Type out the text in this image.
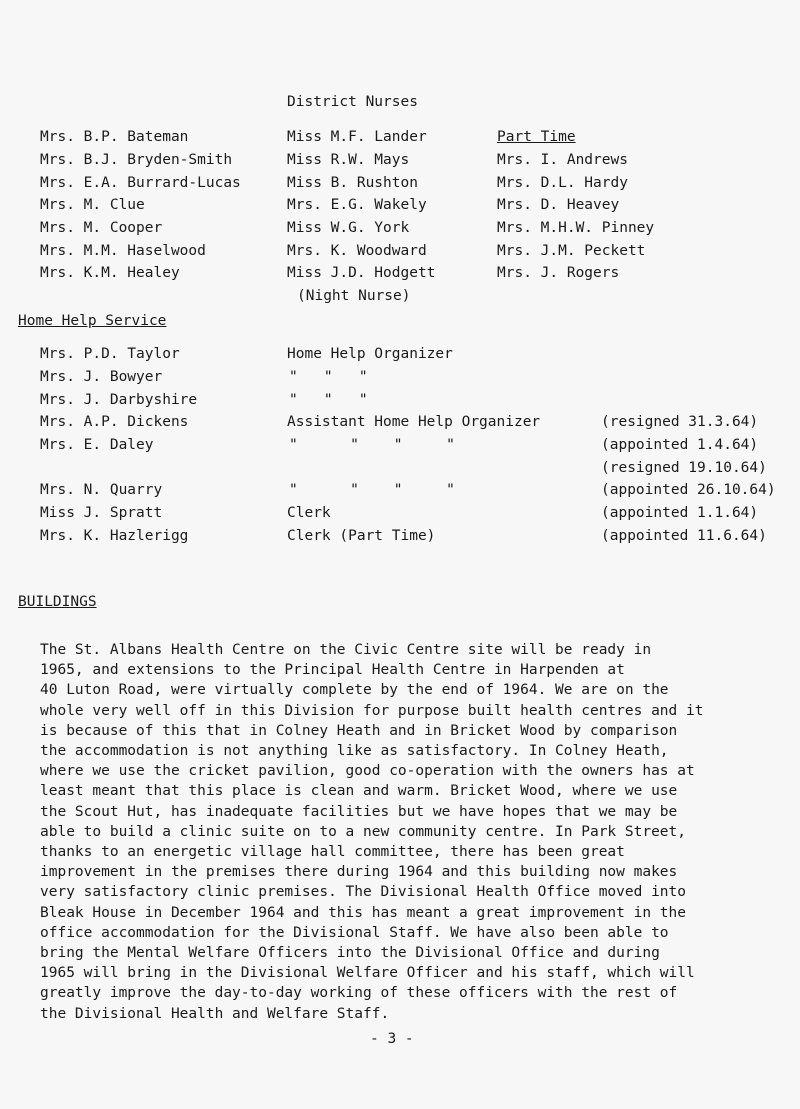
District Nurses
Mrs. B.P. Bateman
Mrs. B.J. Bryden-Smith
Mrs. E.A. Burrard-Lucas
Mrs. M. Clue
Mrs. M. Cooper
Mrs. M.M. Haselwood
Mrs. K.M. Healey
Miss M.F. Lander
Miss R.W. Mays
Miss B. Rushton
Mrs. E.G. Wakely
Miss W.G. York
Mrs. K. Woodward
Miss J.D. Hodgett
(Night Nurse)
Part Time
Mrs. I. Andrews
Mrs. D.L. Hardy
Mrs. D. Heavey
Mrs. M.H.W. Pinney
Mrs. J.M. Peckett
Mrs. J. Rogers
Home Help Service
Mrs. P.D. Taylor
Mrs. J. Bowyer
Mrs. J. Darbyshire
Mrs. A.P. Dickens
Mrs. E. Daley
Mrs. N. Quarry
Miss J. Spratt
Mrs. K. Hazlerigg
Home Help Organizer
"   "   "
"   "   "
Assistant Home Help Organizer
"      "    "     "
"      "    "     "
Clerk
Clerk (Part Time)
(resigned 31.3.64)
(appointed 1.4.64)
(resigned 19.10.64)
(appointed 26.10.64)
(appointed 1.1.64)
(appointed 11.6.64)
BUILDINGS
The St. Albans Health Centre on the Civic Centre site will be ready in
1965, and extensions to the Principal Health Centre in Harpenden at
40 Luton Road, were virtually complete by the end of 1964. We are on the
whole very well off in this Division for purpose built health centres and it
is because of this that in Colney Heath and in Bricket Wood by comparison
the accommodation is not anything like as satisfactory. In Colney Heath,
where we use the cricket pavilion, good co-operation with the owners has at
least meant that this place is clean and warm. Bricket Wood, where we use
the Scout Hut, has inadequate facilities but we have hopes that we may be
able to build a clinic suite on to a new community centre. In Park Street,
thanks to an energetic village hall committee, there has been great
improvement in the premises there during 1964 and this building now makes
very satisfactory clinic premises. The Divisional Health Office moved into
Bleak House in December 1964 and this has meant a great improvement in the
office accommodation for the Divisional Staff. We have also been able to
bring the Mental Welfare Officers into the Divisional Office and during
1965 will bring in the Divisional Welfare Officer and his staff, which will
greatly improve the day-to-day working of these officers with the rest of
the Divisional Health and Welfare Staff.
- 3 -
